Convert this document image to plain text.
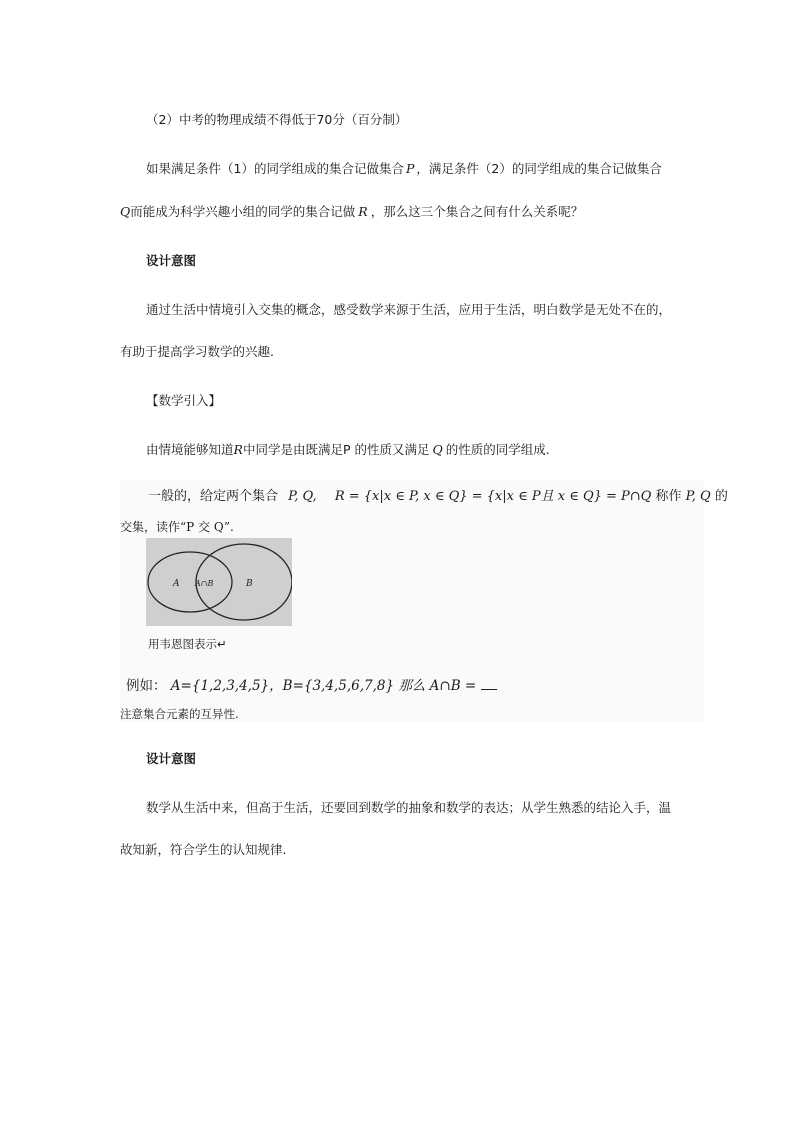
（2）中考的物理成绩不得低于70分（百分制）
如果满足条件（1）的同学组成的集合记做集合 P ，满足条件（2）的同学组成的集合记做集合
Q而能成为科学兴趣小组的同学的集合记做 R ，那么这三个集合之间有什么关系呢？
设计意图
通过生活中情境引入交集的概念，感受数学来源于生活，应用于生活，明白数学是无处不在的，
有助于提高学习数学的兴趣.
【数学引入】
由情境能够知道R中同学是由既满足P 的性质又满足 Q 的性质的同学组成.
一般的，给定两个集合 P, Q, R = {x|x ∈ P, x ∈ Q} = {x|x ∈ P且 x ∈ Q} = P∩Q 称作 P, Q 的
交集，读作“P 交 Q”.
A A∩B	B
用韦恩图表示↵
例如： A={1,2,3,4,5}，B={3,4,5,6,7,8} 那么 A∩B =
注意集合元素的互异性.
设计意图
数学从生活中来，但高于生活，还要回到数学的抽象和数学的表达；从学生熟悉的结论入手，温
故知新，符合学生的认知规律.
